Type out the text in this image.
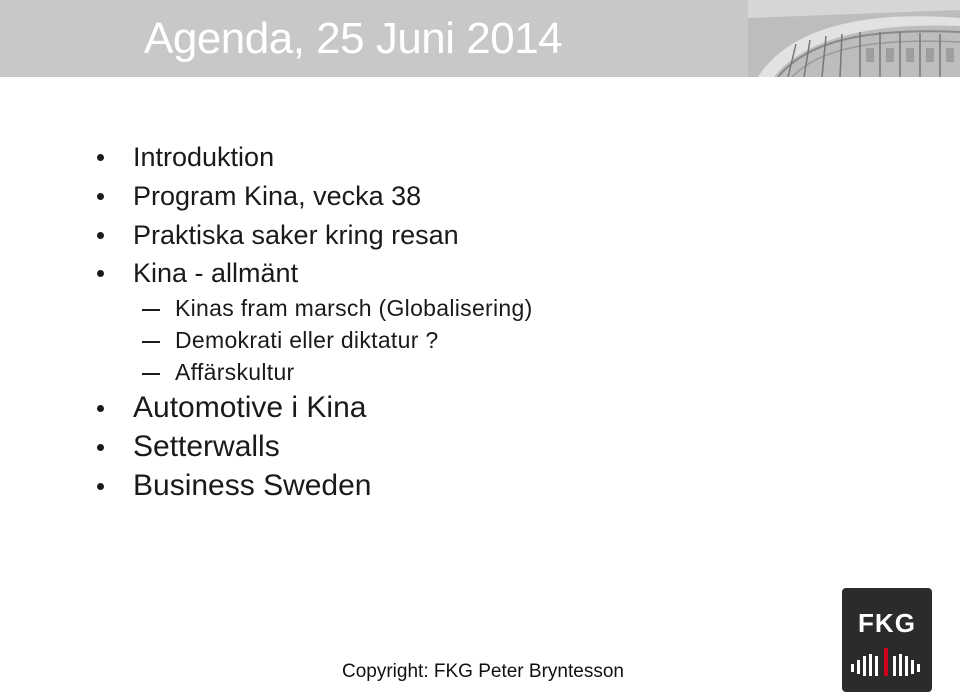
Agenda, 25 Juni 2014
Introduktion
Program Kina, vecka 38
Praktiska saker kring resan
Kina - allmänt
Kinas fram marsch (Globalisering)
Demokrati eller diktatur ?
Affärskultur
Automotive i Kina
Setterwalls
Business Sweden
Copyright: FKG Peter Bryntesson
FKG
